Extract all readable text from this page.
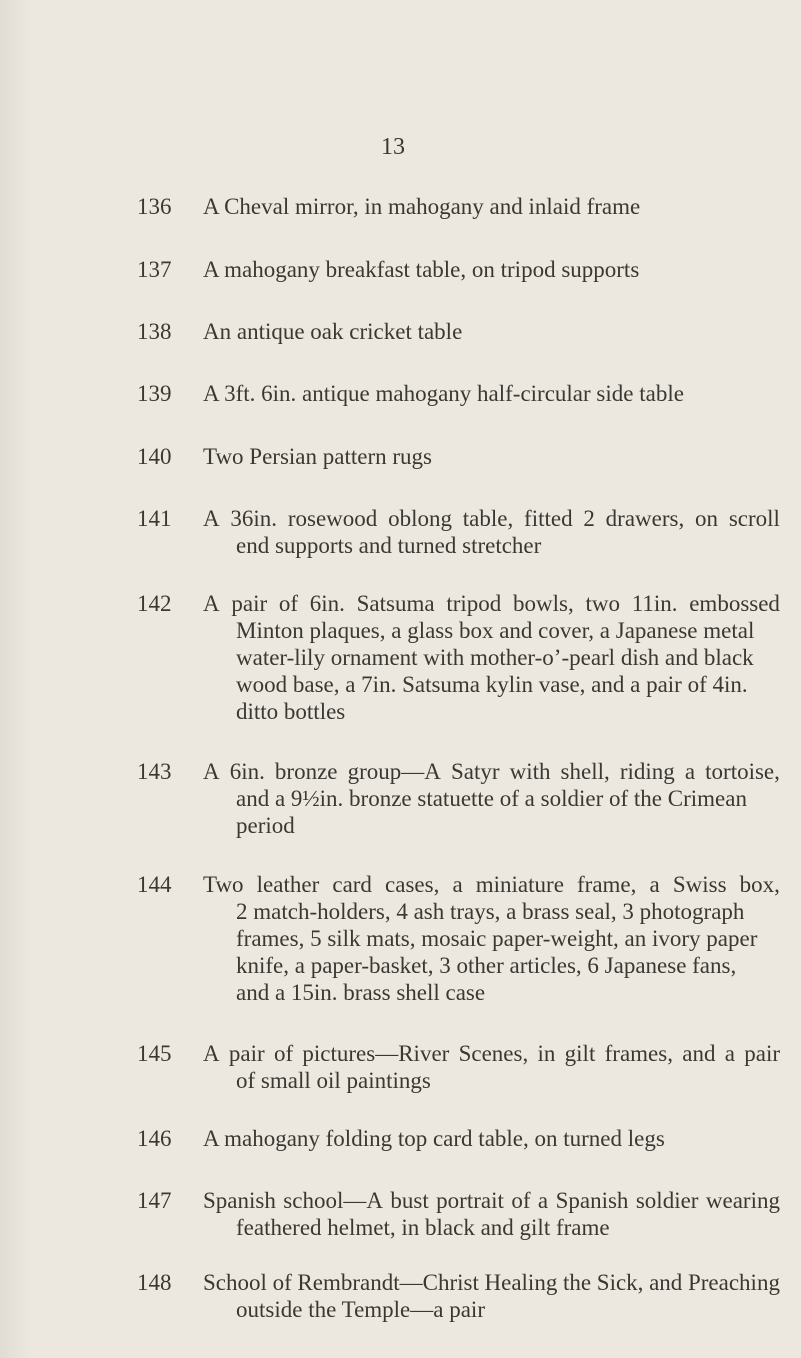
13
136 A Cheval mirror, in mahogany and inlaid frame
137 A mahogany breakfast table, on tripod supports
138 An antique oak cricket table
139 A 3ft. 6in. antique mahogany half-circular side table
140 Two Persian pattern rugs
141 A 36in. rosewood oblong table, fitted 2 drawers, on scroll
end supports and turned stretcher
142 A pair of 6in. Satsuma tripod bowls, two 11in. embossed
Minton plaques, a glass box and cover, a Japanese metal
water-lily ornament with mother-o’-pearl dish and black
wood base, a 7in. Satsuma kylin vase, and a pair of 4in.
ditto bottles
143 A 6in. bronze group—A Satyr with shell, riding a tortoise,
and a 9½in. bronze statuette of a soldier of the Crimean
period
144 Two leather card cases, a miniature frame, a Swiss box,
2 match-holders, 4 ash trays, a brass seal, 3 photograph
frames, 5 silk mats, mosaic paper-weight, an ivory paper
knife, a paper-basket, 3 other articles, 6 Japanese fans,
and a 15in. brass shell case
145 A pair of pictures—River Scenes, in gilt frames, and a pair
of small oil paintings
146 A mahogany folding top card table, on turned legs
147 Spanish school—A bust portrait of a Spanish soldier wearing
feathered helmet, in black and gilt frame
148 School of Rembrandt—Christ Healing the Sick, and Preaching
outside the Temple—a pair
